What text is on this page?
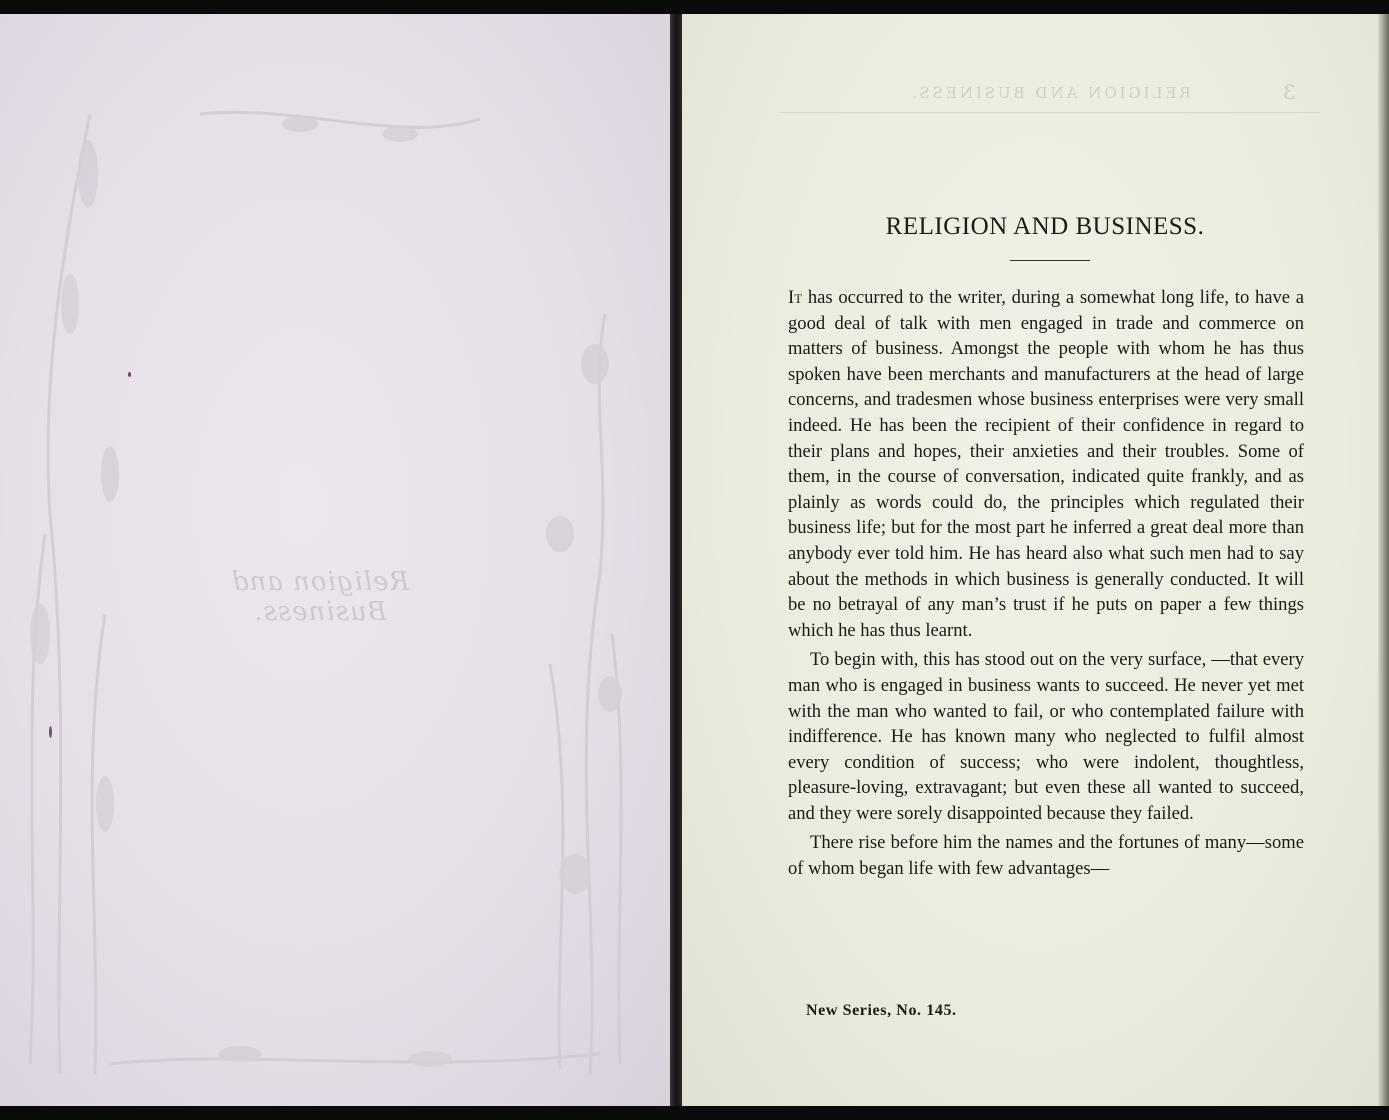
Religion and Business.
RELIGION AND BUSINESS.	3
RELIGION AND BUSINESS.

It has occurred to the writer, during a somewhat long life, to have a good deal of talk with men engaged in trade and commerce on matters of business. Amongst the people with whom he has thus spoken have been merchants and manufacturers at the head of large concerns, and tradesmen whose business enterprises were very small indeed. He has been the recipient of their confidence in regard to their plans and hopes, their anxieties and their troubles. Some of them, in the course of conversation, indicated quite frankly, and as plainly as words could do, the principles which regulated their business life; but for the most part he inferred a great deal more than anybody ever told him. He has heard also what such men had to say about the methods in which business is generally conducted. It will be no betrayal of any man’s trust if he puts on paper a few things which he has thus learnt.

To begin with, this has stood out on the very surface, —that every man who is engaged in business wants to succeed. He never yet met with the man who wanted to fail, or who contemplated failure with indifference. He has known many who neglected to fulfil almost every condition of success; who were indolent, thoughtless, pleasure-loving, extravagant; but even these all wanted to succeed, and they were sorely disappointed because they failed.

There rise before him the names and the fortunes of many—some of whom began life with few advantages—

New Series, No. 145.
